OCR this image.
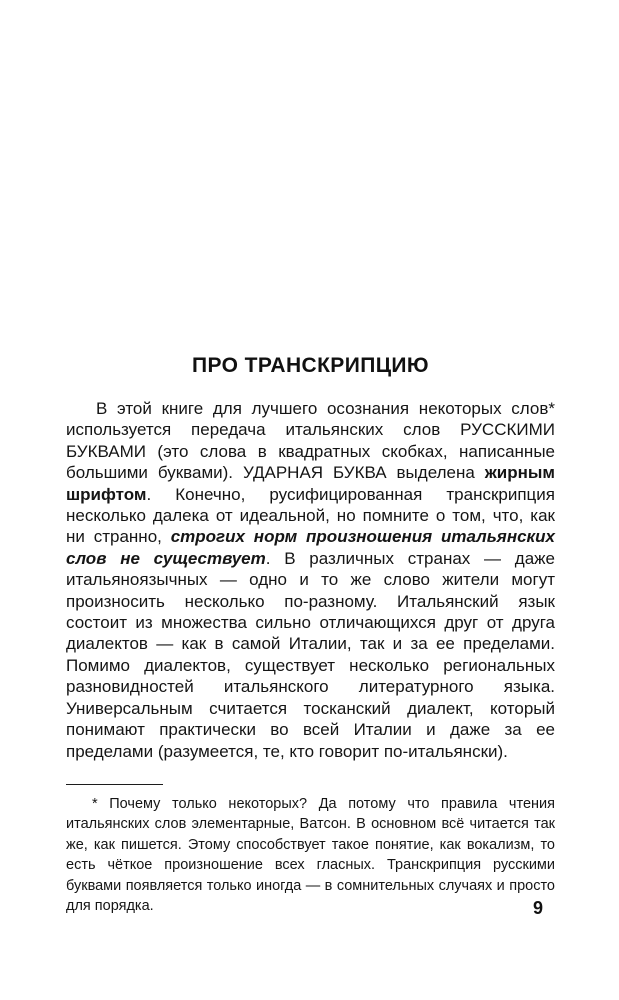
ПРО ТРАНСКРИПЦИЮ

В этой книге для лучшего осознания некоторых слов* используется передача итальянских слов РУССКИМИ БУКВАМИ (это слова в квадратных скобках, написанные большими буквами). УДАРНАЯ БУКВА выделена жирным шрифтом. Конечно, русифицированная транскрипция несколько далека от идеальной, но помните о том, что, как ни странно, строгих норм произношения итальянских слов не существует. В различных странах — даже итальяноязычных — одно и то же слово жители могут произносить несколько по-разному. Итальянский язык состоит из множества сильно отличающихся друг от друга диалектов — как в самой Италии, так и за ее пределами. Помимо диалектов, существует несколько региональных разновидностей итальянского литературного языка. Универсальным считается тосканский диалект, который понимают практически во всей Италии и даже за ее пределами (разумеется, те, кто говорит по-итальянски).

* Почему только некоторых? Да потому что правила чтения итальянских слов элементарные, Ватсон. В основном всё читается так же, как пишется. Этому способствует такое понятие, как вокализм, то есть чёткое произношение всех гласных. Транскрипция русскими буквами появляется только иногда — в сомнительных случаях и просто для порядка.	9
